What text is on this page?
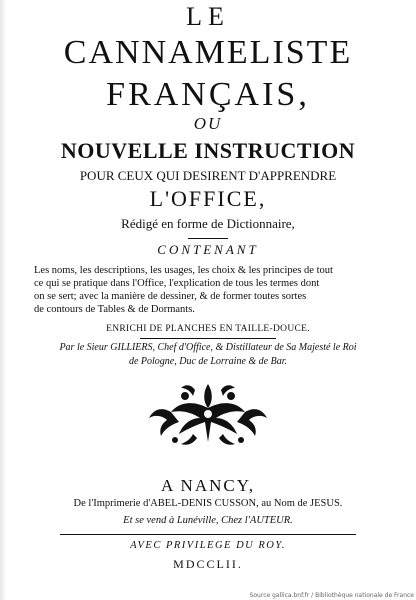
LE
CANNAMELISTE
FRANÇAIS,
OU
NOUVELLE INSTRUCTION
POUR CEUX QUI DESIRENT D'APPRENDRE
L'OFFICE,
Rédigé en forme de Dictionnaire,
CONTENANT
Les noms, les descriptions, les usages, les choix & les principes de tout
ce qui se pratique dans l'Office, l'explication de tous les termes dont
on se sert; avec la manière de dessiner, & de former toutes sortes
de contours de Tables & de Dormants.
ENRICHI DE PLANCHES EN TAILLE-DOUCE.
Par le Sieur GILLIERS, Chef d'Office, & Distillateur de Sa Majesté le Roi
de Pologne, Duc de Lorraine & de Bar.
A NANCY,
De l'Imprimerie d'ABEL-DENIS CUSSON, au Nom de JESUS.
Et se vend à Lunéville, Chez l'AUTEUR.
AVEC PRIVILEGE DU ROY.
MDCCLII.
Source gallica.bnf.fr / Bibliothèque nationale de France
